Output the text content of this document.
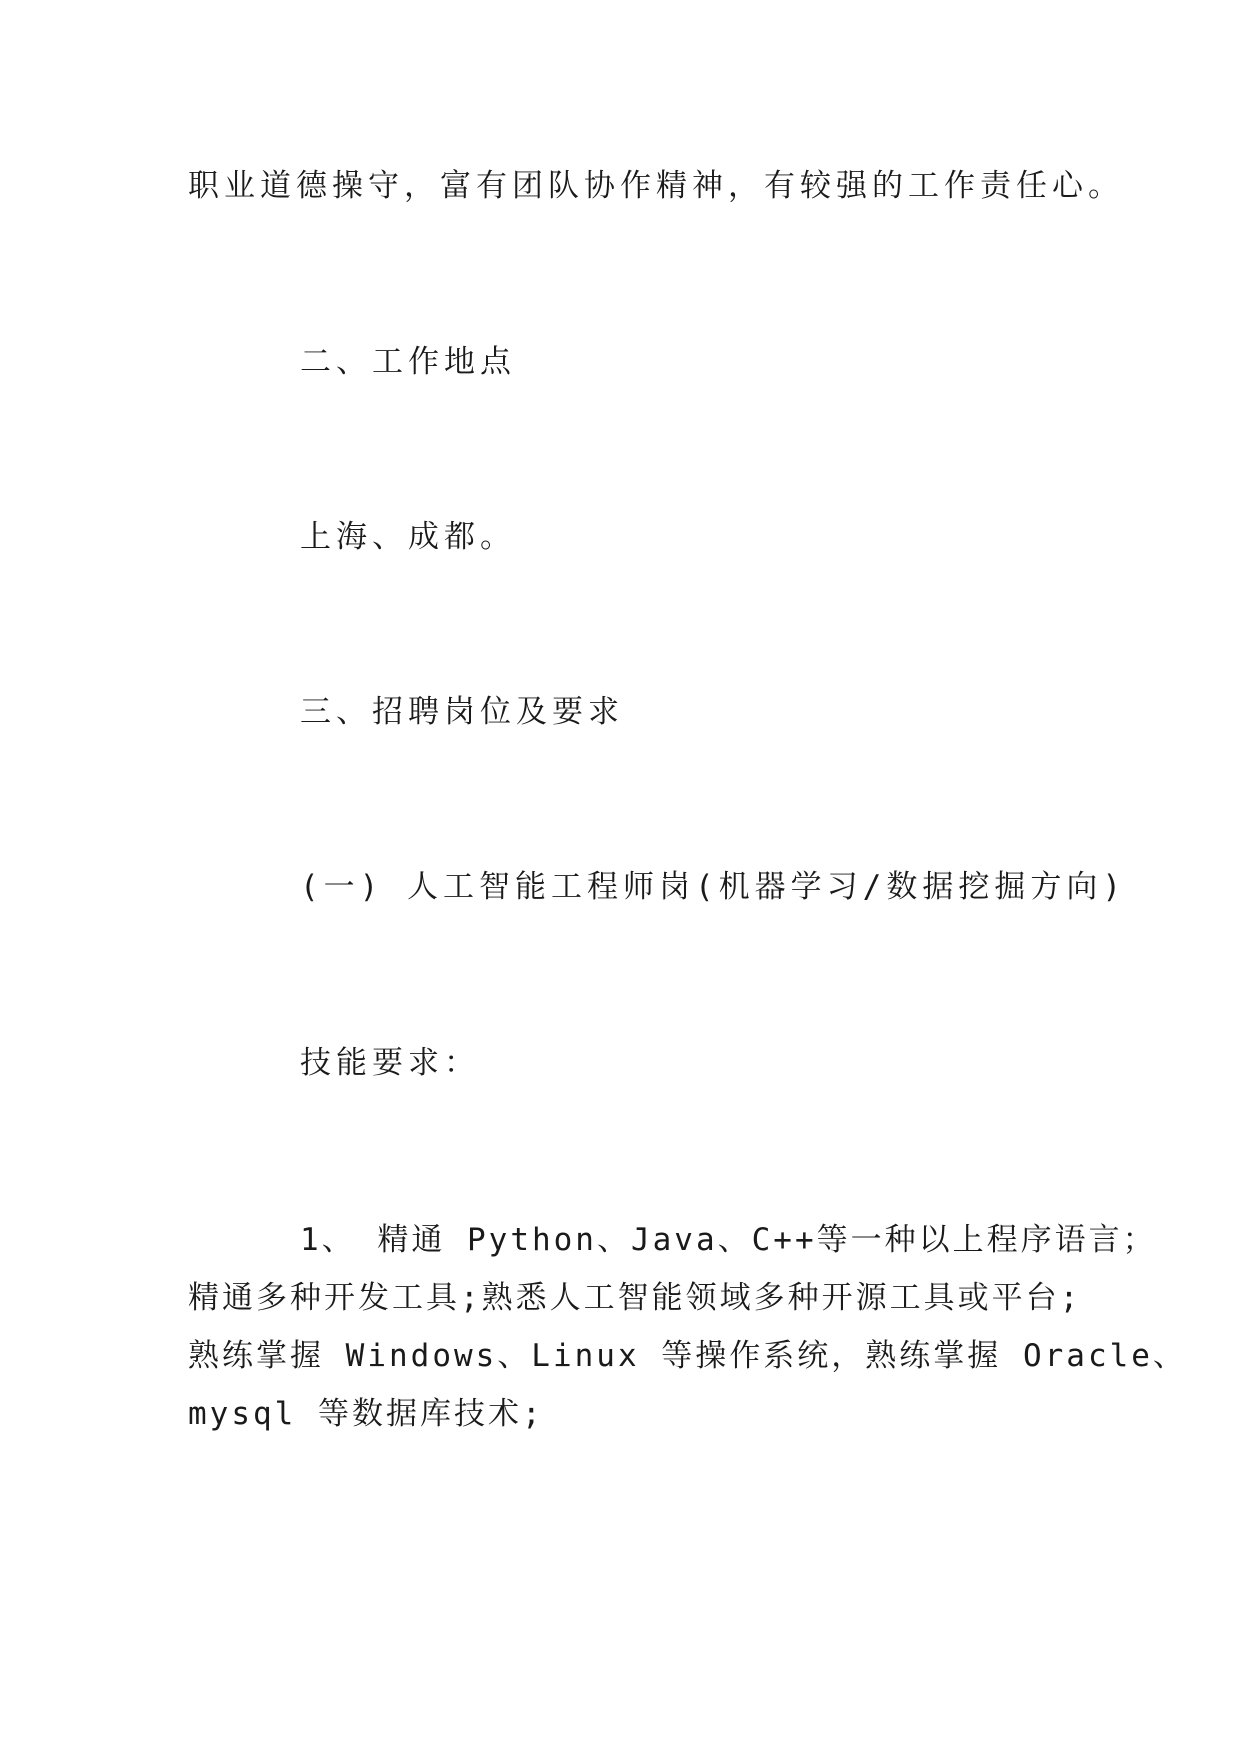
职业道德操守，富有团队协作精神，有较强的工作责任心。

二、工作地点

上海、成都。

三、招聘岗位及要求

(一) 人工智能工程师岗(机器学习/数据挖掘方向)

技能要求：

1、 精通 Python、Java、C++等一种以上程序语言；
精通多种开发工具;熟悉人工智能领域多种开源工具或平台;
熟练掌握 Windows、Linux 等操作系统，熟练掌握 Oracle、
mysql 等数据库技术;
